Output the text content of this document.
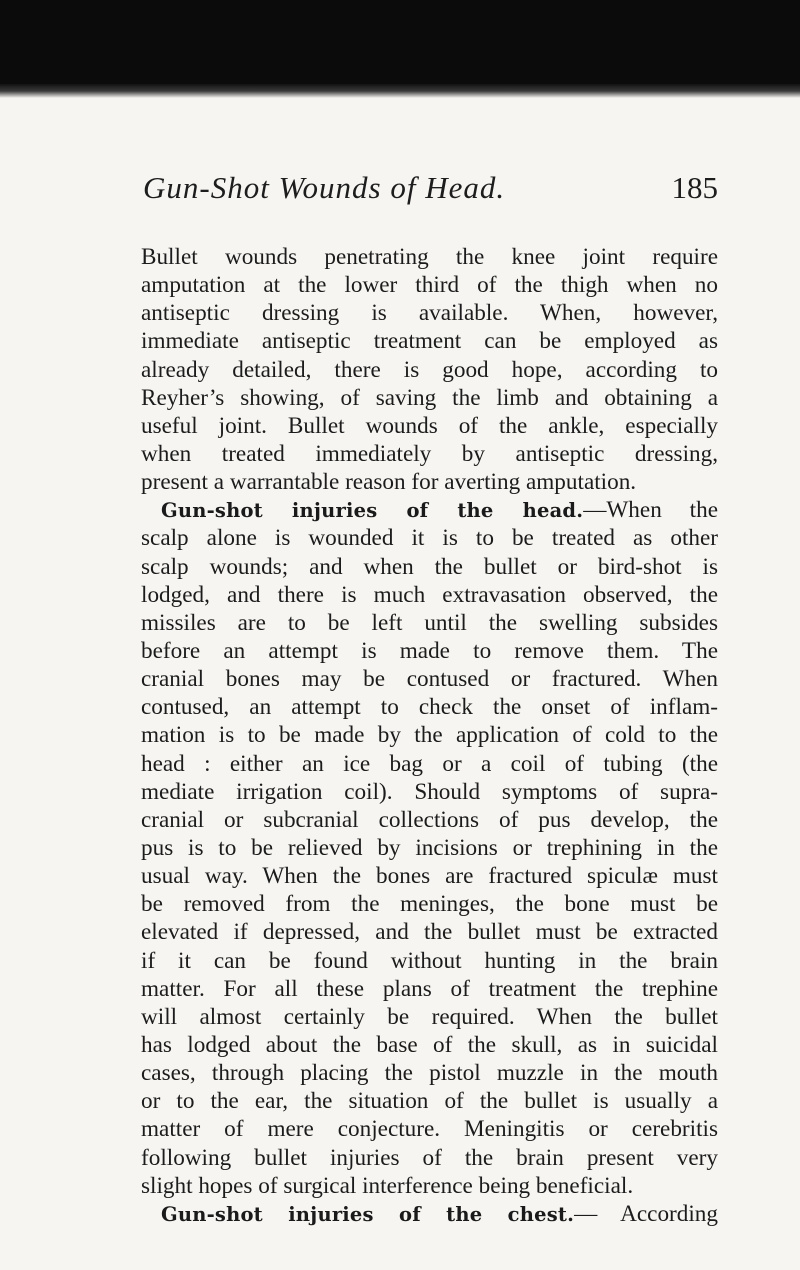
Gun-Shot Wounds of Head.	185
Bullet wounds penetrating the knee joint require
amputation at the lower third of the thigh when no
antiseptic dressing is available. When, however,
immediate antiseptic treatment can be employed as
already detailed, there is good hope, according to
Reyher’s showing, of saving the limb and obtaining a
useful joint. Bullet wounds of the ankle, especially
when treated immediately by antiseptic dressing,
present a warrantable reason for averting amputation.
Gun-shot injuries of the head.—When the
scalp alone is wounded it is to be treated as other
scalp wounds; and when the bullet or bird-shot is
lodged, and there is much extravasation observed, the
missiles are to be left until the swelling subsides
before an attempt is made to remove them. The
cranial bones may be contused or fractured. When
contused, an attempt to check the onset of inflam-
mation is to be made by the application of cold to the
head : either an ice bag or a coil of tubing (the
mediate irrigation coil). Should symptoms of supra-
cranial or subcranial collections of pus develop, the
pus is to be relieved by incisions or trephining in the
usual way. When the bones are fractured spiculæ must
be removed from the meninges, the bone must be
elevated if depressed, and the bullet must be extracted
if it can be found without hunting in the brain
matter. For all these plans of treatment the trephine
will almost certainly be required. When the bullet
has lodged about the base of the skull, as in suicidal
cases, through placing the pistol muzzle in the mouth
or to the ear, the situation of the bullet is usually a
matter of mere conjecture. Meningitis or cerebritis
following bullet injuries of the brain present very
slight hopes of surgical interference being beneficial.
Gun-shot injuries of the chest.— According
